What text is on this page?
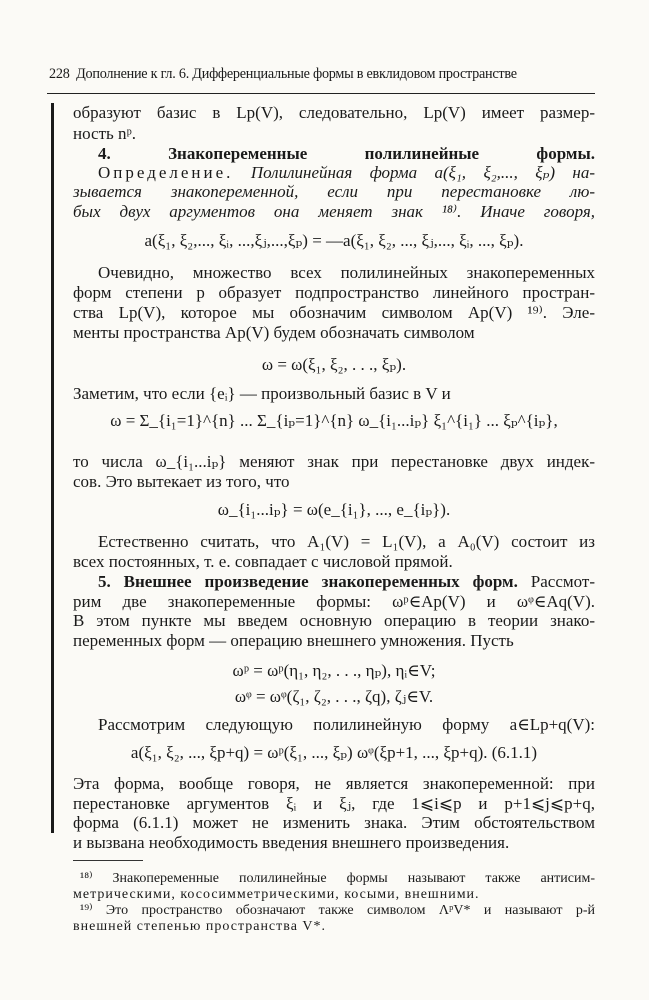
228 Дополнение к гл. 6. Дифференциальные формы в евклидовом пространстве
образуют базис в Lp(V), следовательно, Lp(V) имеет размер-
ность nᵖ.
4. Знакопеременные полилинейные формы.
Определение. Полилинейная форма a(ξ₁, ξ₂,..., ξₚ) на-
зывается знакопеременной, если при перестановке лю-
бых двух аргументов она меняет знак ¹⁸⁾. Иначе говоря,
a(ξ₁, ξ₂,..., ξᵢ, ...,ξⱼ,...,ξₚ) = —a(ξ₁, ξ₂, ..., ξⱼ,..., ξᵢ, ..., ξₚ).
Очевидно, множество всех полилинейных знакопеременных
форм степени p образует подпространство линейного простран-
ства Lp(V), которое мы обозначим символом Ap(V) ¹⁹⁾. Эле-
менты пространства Ap(V) будем обозначать символом
ω = ω(ξ₁, ξ₂, . . ., ξₚ).
Заметим, что если {eᵢ} — произвольный базис в V и
ω = Σ_{i₁=1}^{n} ... Σ_{iₚ=1}^{n} ω_{i₁...iₚ} ξ₁^{i₁} ... ξₚ^{iₚ},
то числа ω_{i₁...iₚ} меняют знак при перестановке двух индек-
сов. Это вытекает из того, что
ω_{i₁...iₚ} = ω(e_{i₁}, ..., e_{iₚ}).
Естественно считать, что A₁(V) = L₁(V), а A₀(V) состоит из
всех постоянных, т. е. совпадает с числовой прямой.
5. Внешнее произведение знакопеременных форм. Рассмот-
рим две знакопеременные формы: ωᵖ∈Ap(V) и ωᵠ∈Aq(V).
В этом пункте мы введем основную операцию в теории знако-
переменных форм — операцию внешнего умножения. Пусть
ωᵖ = ωᵖ(η₁, η₂, . . ., ηₚ), ηᵢ∈V;
ωᵠ = ωᵠ(ζ₁, ζ₂, . . ., ζq), ζⱼ∈V.
Рассмотрим следующую полилинейную форму a∈Lp+q(V):
a(ξ₁, ξ₂, ..., ξp+q) = ωᵖ(ξ₁, ..., ξₚ) ωᵠ(ξp+1, ..., ξp+q). (6.1.1)
Эта форма, вообще говоря, не является знакопеременной: при
перестановке аргументов ξᵢ и ξⱼ, где 1⩽i⩽p и p+1⩽j⩽p+q,
форма (6.1.1) может не изменить знака. Этим обстоятельством
и вызвана необходимость введения внешнего произведения.
¹⁸⁾ Знакопеременные полилинейные формы называют также антисим-
метрическими, кососимметрическими, косыми, внешними.
¹⁹⁾ Это пространство обозначают также символом ΛᵖV* и называют p-й
внешней степенью пространства V*.
